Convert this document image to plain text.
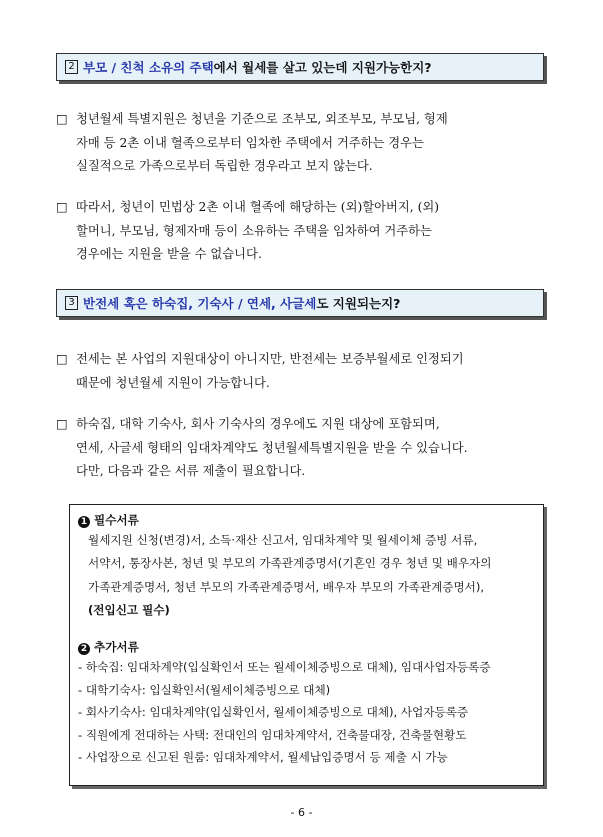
2 부모 / 친척 소유의 주택 에서 월세를 살고 있는데 지원가능한지?
□ 청년월세 특별지원은 청년을 기준으로 조부모, 외조부모, 부모님, 형제
자매 등 2촌 이내 혈족으로부터 임차한 주택에서 거주하는 경우는
실질적으로 가족으로부터 독립한 경우라고 보지 않는다.
□ 따라서, 청년이 민법상 2촌 이내 혈족에 해당하는 (외)할아버지, (외)
할머니, 부모님, 형제자매 등이 소유하는 주택을 임차하여 거주하는
경우에는 지원을 받을 수 없습니다.
3 반전세 혹은 하숙집, 기숙사 / 연세, 사글세 도 지원되는지?
□ 전세는 본 사업의 지원대상이 아니지만, 반전세는 보증부월세로 인정되기
때문에 청년월세 지원이 가능합니다.
□ 하숙집, 대학 기숙사, 회사 기숙사의 경우에도 지원 대상에 포함되며,
연세, 사글세 형태의 임대차계약도 청년월세특별지원을 받을 수 있습니다.
다만, 다음과 같은 서류 제출이 필요합니다.
1 필수서류
월세지원 신청(변경)서, 소득·재산 신고서, 임대차계약 및 월세이체 증빙 서류,
서약서, 통장사본, 청년 및 부모의 가족관계증명서(기혼인 경우 청년 및 배우자의
가족관계증명서, 청년 부모의 가족관계증명서, 배우자 부모의 가족관계증명서),
(전입신고 필수)
2 추가서류
- 하숙집: 임대차계약(입실확인서 또는 월세이체증빙으로 대체), 임대사업자등록증
- 대학기숙사: 입실확인서(월세이체증빙으로 대체)
- 회사기숙사: 임대차계약(입실확인서, 월세이체증빙으로 대체), 사업자등록증
- 직원에게 전대하는 사택: 전대인의 임대차계약서, 건축물대장, 건축물현황도
- 사업장으로 신고된 원룸: 임대차계약서, 월세납입증명서 등 제출 시 가능
- 6 -
